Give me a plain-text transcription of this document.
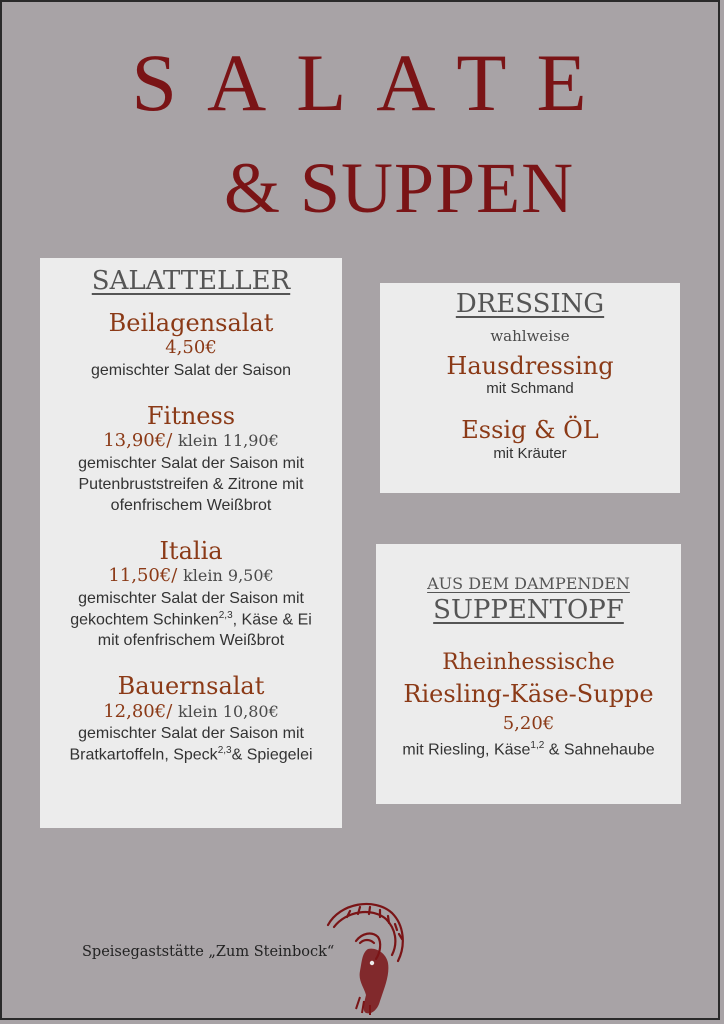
SALATE
& SUPPEN

SALATTELLER

Beilagensalat

4,50€

gemischter Salat der Saison

Fitness

13,90€/ klein 11,90€

gemischter Salat der Saison mit

Putenbruststreifen & Zitrone mit

ofenfrischem Weißbrot

Italia

11,50€/ klein 9,50€

gemischter Salat der Saison mit

gekochtem Schinken$^{2,3}$, Käse & Ei

mit ofenfrischem Weißbrot

Bauernsalat

12,80€/ klein 10,80€

gemischter Salat der Saison mit

Bratkartoffeln, Speck$^{2,3}$& Spiegelei

DRESSING

wahlweise

Hausdressing

mit Schmand

Essig & ÖL

mit Kräuter

AUS DEM DAMPENDEN

SUPPENTOPF

Rheinhessische

Riesling-Käse-Suppe

5,20€

mit Riesling, Käse$^{1,2}$ & Sahnehaube

Speisegaststätte „Zum Steinbock“
